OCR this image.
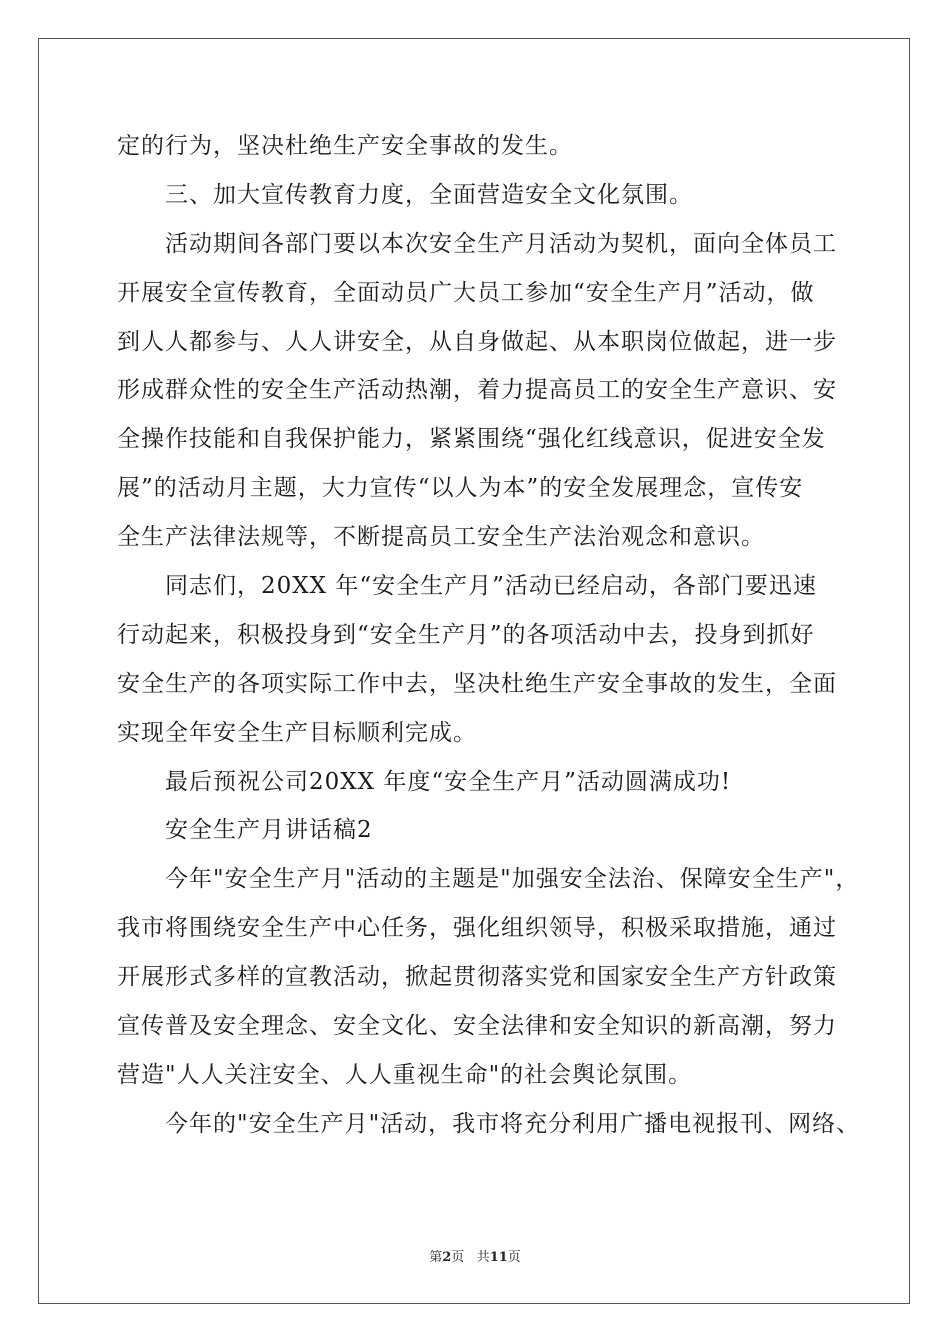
定的行为，坚决杜绝生产安全事故的发生。
三、加大宣传教育力度，全面营造安全文化氛围。
活动期间各部门要以本次安全生产月活动为契机，面向全体员工
开展安全宣传教育，全面动员广大员工参加“安全生产月”活动，做
到人人都参与、人人讲安全，从自身做起、从本职岗位做起，进一步
形成群众性的安全生产活动热潮，着力提高员工的安全生产意识、安
全操作技能和自我保护能力，紧紧围绕“强化红线意识，促进安全发
展”的活动月主题，大力宣传“以人为本”的安全发展理念，宣传安
全生产法律法规等，不断提高员工安全生产法治观念和意识。
同志们，20XX 年“安全生产月”活动已经启动，各部门要迅速
行动起来，积极投身到“安全生产月”的各项活动中去，投身到抓好
安全生产的各项实际工作中去，坚决杜绝生产安全事故的发生，全面
实现全年安全生产目标顺利完成。
最后预祝公司20XX 年度“安全生产月”活动圆满成功!
安全生产月讲话稿2
今年"安全生产月"活动的主题是"加强安全法治、保障安全生产"，
我市将围绕安全生产中心任务，强化组织领导，积极采取措施，通过
开展形式多样的宣教活动，掀起贯彻落实党和国家安全生产方针政策
宣传普及安全理念、安全文化、安全法律和安全知识的新高潮，努力
营造"人人关注安全、人人重视生命"的社会舆论氛围。
今年的"安全生产月"活动，我市将充分利用广播电视报刊、网络、
第2页 共11页
